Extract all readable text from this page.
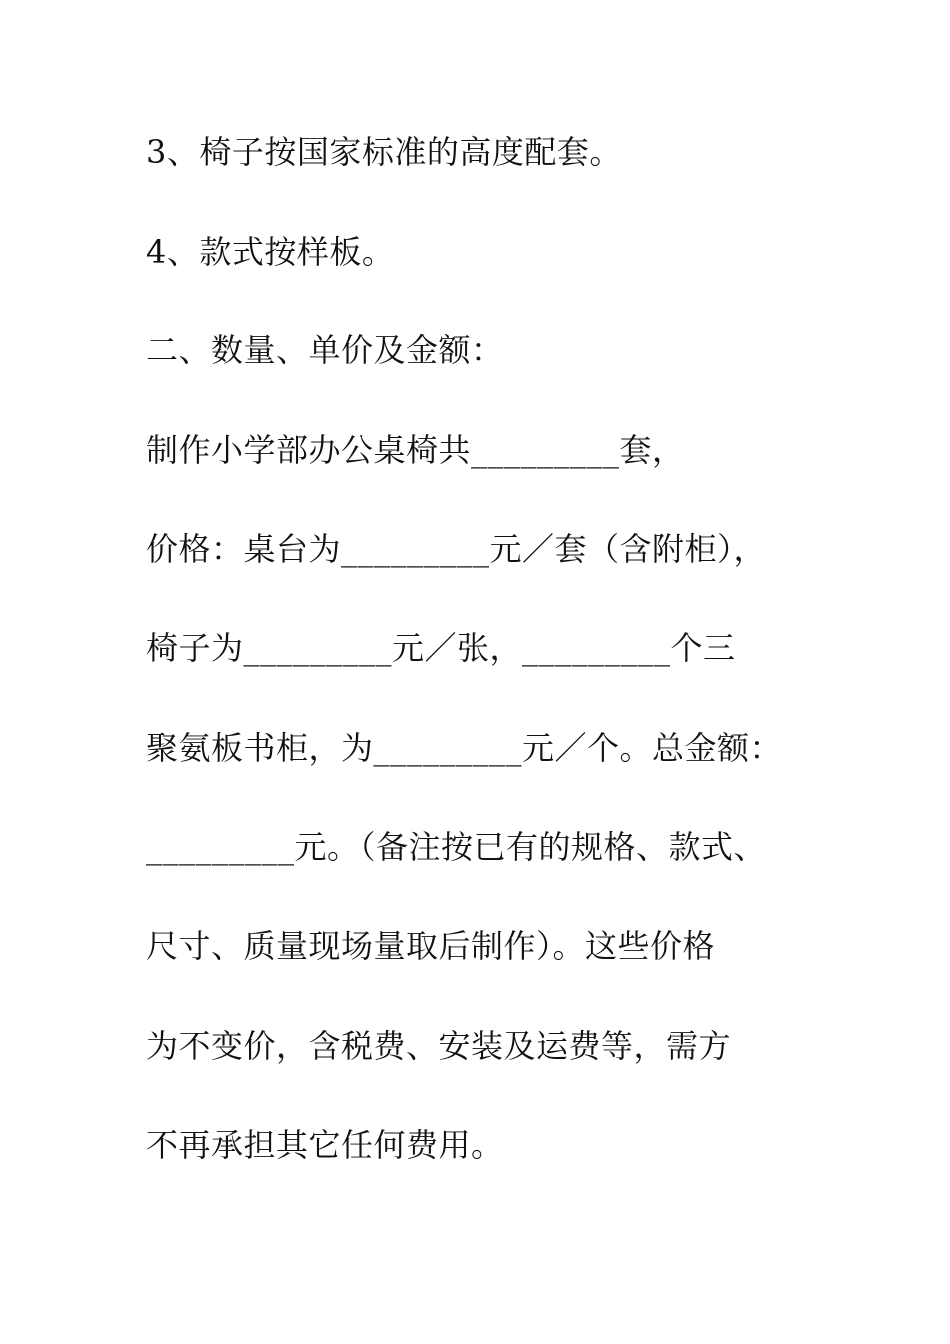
3、椅子按国家标准的高度配套。
4、款式按样板。
二、数量、单价及金额：
制作小学部办公桌椅共_________套，
价格：桌台为_________元／套（含附柜），
椅子为_________元／张，_________个三
聚氨板书柜，为_________元／个。总金额：
_________元。（备注按已有的规格、款式、
尺寸、质量现场量取后制作）。这些价格
为不变价，含税费、安装及运费等，需方
不再承担其它任何费用。
